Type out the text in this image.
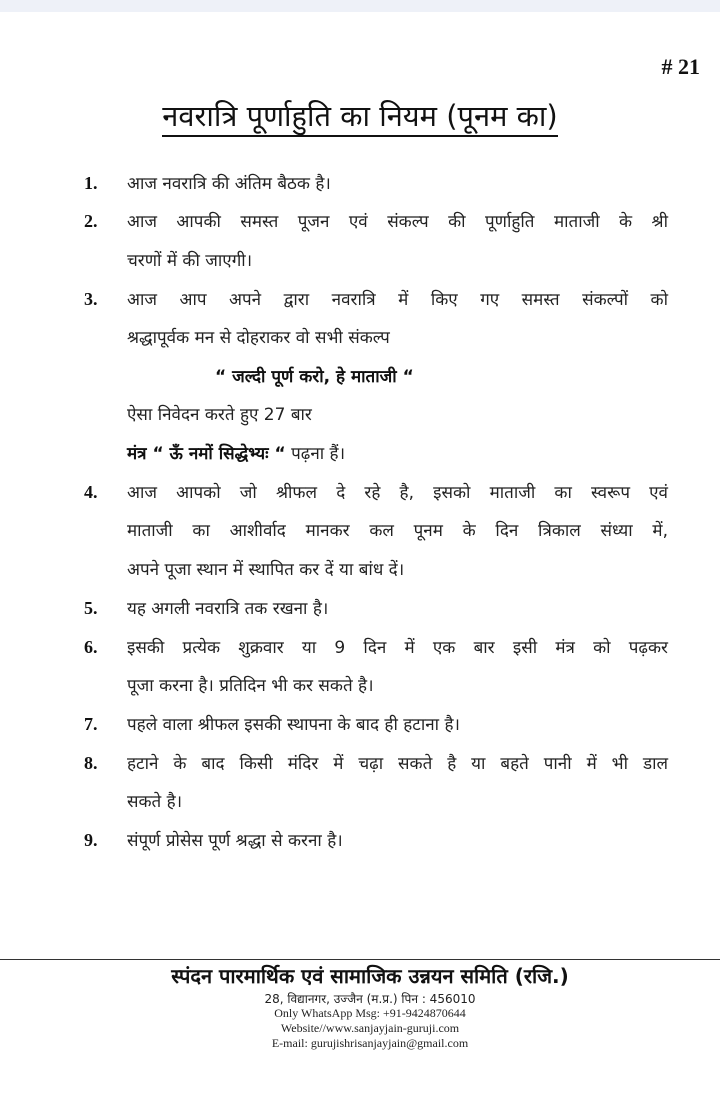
# 21
नवरात्रि पूर्णाहुति का नियम (पूनम का)
1.	आज नवरात्रि की अंतिम बैठक है।
2.	आज आपकी समस्त पूजन एवं संकल्प की पूर्णाहुति माताजी के श्री
चरणों में की जाएगी।
3.	आज आप अपने द्वारा नवरात्रि में किए गए समस्त संकल्पों को
श्रद्धापूर्वक मन से दोहराकर वो सभी संकल्प
“ जल्दी पूर्ण करो, हे माताजी “
ऐसा निवेदन करते हुए 27 बार
मंत्र “ ऊँ नमों सिद्धेभ्यः “ पढ़ना हैं।
4.	आज आपको जो श्रीफल दे रहे है, इसको माताजी का स्वरूप एवं
माताजी का आशीर्वाद मानकर कल पूनम के दिन त्रिकाल संध्या में,
अपने पूजा स्थान में स्थापित कर दें या बांध दें।
5.	यह अगली नवरात्रि तक रखना है।
6.	इसकी प्रत्येक शुक्रवार या 9 दिन में एक बार इसी मंत्र को पढ़कर
पूजा करना है। प्रतिदिन भी कर सकते है।
7.	पहले वाला श्रीफल इसकी स्थापना के बाद ही हटाना है।
8.	हटाने के बाद किसी मंदिर में चढ़ा सकते है या बहते पानी में भी डाल
सकते है।
9.	संपूर्ण प्रोसेस पूर्ण श्रद्धा से करना है।
स्पंदन पारमार्थिक एवं सामाजिक उन्नयन समिति (रजि.)
28, विद्यानगर, उज्जैन (म.प्र.) पिन : 456010
Only WhatsApp Msg: +91-9424870644
Website//www.sanjayjain-guruji.com
E-mail: gurujishrisanjayjain@gmail.com
